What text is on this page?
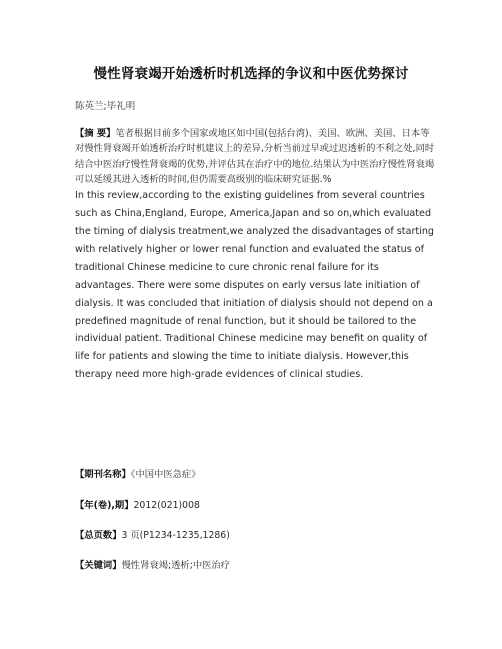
慢性肾衰竭开始透析时机选择的争议和中医优势探讨
陈英兰;毕礼明
【摘 要】笔者根据目前多个国家或地区如中国(包括台湾)、美国、欧洲、美国、日本等对慢性肾衰竭开始透析治疗时机建议上的差异,分析当前过早或过迟透析的不利之处,同时结合中医治疗慢性肾衰竭的优势,并评估其在治疗中的地位.结果认为中医治疗慢性肾衰竭可以延缓其进入透析的时间,但仍需要高级别的临床研究证据.%
In this review,according to the existing guidelines from several countries such as China,England, Europe, America,Japan and so on,which evaluated the timing of dialysis treatment,we analyzed the disadvantages of starting with relatively higher or lower renal function and evaluated the status of traditional Chinese medicine to cure chronic renal failure for its advantages. There were some disputes on early versus late initiation of dialysis. It was concluded that initiation of dialysis should not depend on a predefined magnitude of renal function, but it should be tailored to the individual patient. Traditional Chinese medicine may benefit on quality of life for patients and slowing the time to initiate dialysis. However,this therapy need more high-grade evidences of clinical studies.
【期刊名称】《中国中医急症》
【年(卷),期】2012(021)008
【总页数】3 页(P1234-1235,1286)
【关键词】慢性肾衰竭;透析;中医治疗
